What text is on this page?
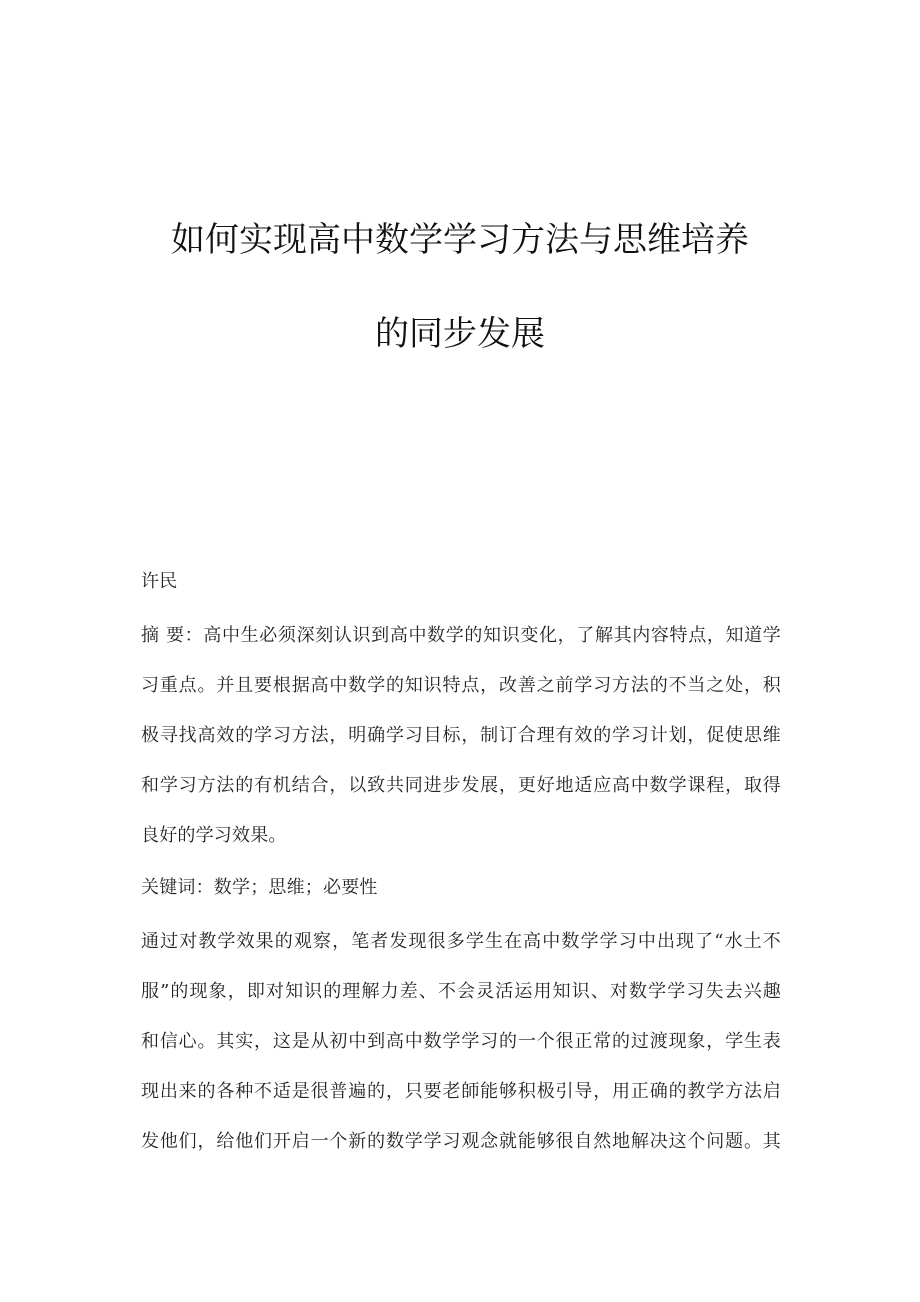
如何实现高中数学学习方法与思维培养
的同步发展
许民
摘 要：高中生必须深刻认识到高中数学的知识变化，了解其内容特点，知道学
习重点。并且要根据高中数学的知识特点，改善之前学习方法的不当之处，积
极寻找高效的学习方法，明确学习目标，制订合理有效的学习计划，促使思维
和学习方法的有机结合，以致共同进步发展，更好地适应高中数学课程，取得
良好的学习效果。
关键词：数学；思维；必要性
通过对教学效果的观察，笔者发现很多学生在高中数学学习中出现了“水土不
服”的现象，即对知识的理解力差、不会灵活运用知识、对数学学习失去兴趣
和信心。其实，这是从初中到高中数学学习的一个很正常的过渡现象，学生表
现出来的各种不适是很普遍的，只要老師能够积极引导，用正确的教学方法启
发他们，给他们开启一个新的数学学习观念就能够很自然地解决这个问题。其
